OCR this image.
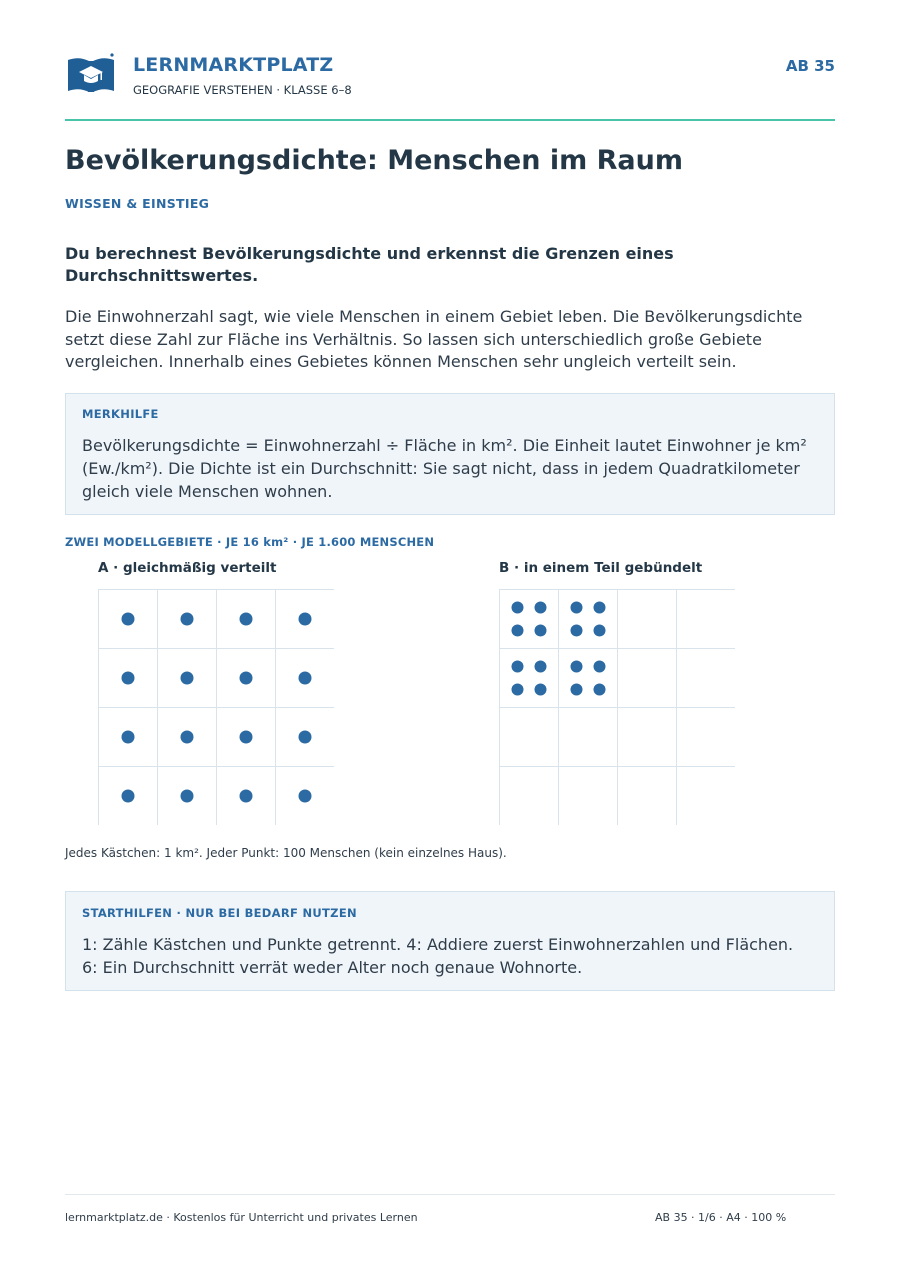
LERNMARKTPLATZ
GEOGRAFIE VERSTEHEN · KLASSE 6–8
AB 35
Bevölkerungsdichte: Menschen im Raum
WISSEN & EINSTIEG

Du berechnest Bevölkerungsdichte und erkennst die Grenzen eines Durchschnittswertes.

Die Einwohnerzahl sagt, wie viele Menschen in einem Gebiet leben. Die Bevölkerungsdichte setzt diese Zahl zur Fläche ins Verhältnis. So lassen sich unterschiedlich große Gebiete vergleichen. Innerhalb eines Gebietes können Menschen sehr ungleich verteilt sein.

MERKHILFE

Bevölkerungsdichte = Einwohnerzahl ÷ Fläche in km². Die Einheit lautet Einwohner je km² (Ew./km²). Die Dichte ist ein Durchschnitt: Sie sagt nicht, dass in jedem Quadratkilometer gleich viele Menschen wohnen.

ZWEI MODELLGEBIETE · JE 16 km² · JE 1.600 MENSCHEN
A · gleichmäßig verteilt	B · in einem Teil gebündelt
Jedes Kästchen: 1 km². Jeder Punkt: 100 Menschen (kein einzelnes Haus).
STARTHILFEN · NUR BEI BEDARF NUTZEN

1: Zähle Kästchen und Punkte getrennt. 4: Addiere zuerst Einwohnerzahlen und Flächen. 6: Ein Durchschnitt verrät weder Alter noch genaue Wohnorte.

lernmarktplatz.de · Kostenlos für Unterricht und privates Lernen	AB 35 · 1/6 · A4 · 100 %
